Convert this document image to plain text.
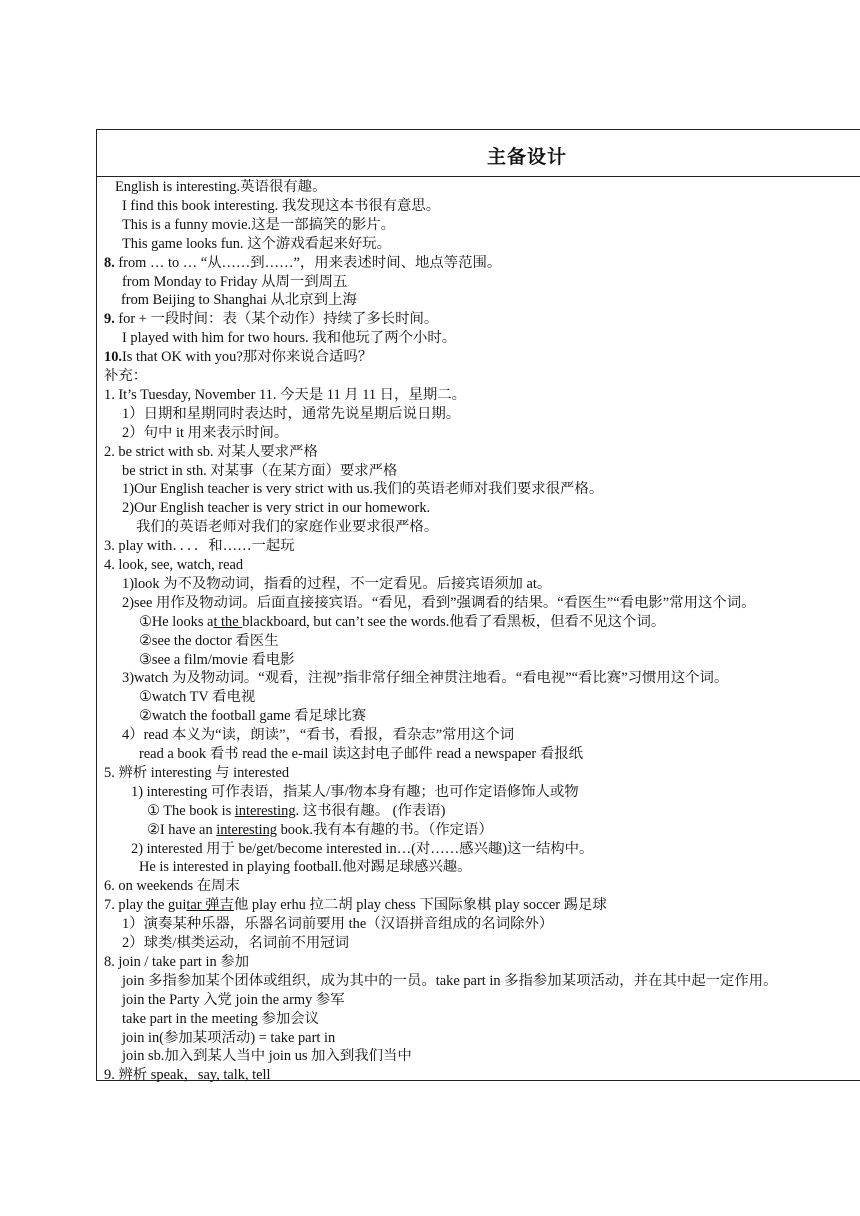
主备设计
English is interesting.英语很有趣。
I find this book interesting. 我发现这本书很有意思。
This is a funny movie.这是一部搞笑的影片。
This game looks fun. 这个游戏看起来好玩。
8. from … to … “从……到……”，用来表述时间、地点等范围。
from Monday to Friday 从周一到周五
from Beijing to Shanghai 从北京到上海
9. for + 一段时间：表（某个动作）持续了多长时间。
I played with him for two hours. 我和他玩了两个小时。
10.Is that OK with you?那对你来说合适吗？
补充：
1. It’s Tuesday, November 11. 今天是 11 月 11 日，星期二。
1）日期和星期同时表达时，通常先说星期后说日期。
2）句中 it 用来表示时间。
2. be strict with sb. 对某人要求严格
be strict in sth. 对某事（在某方面）要求严格
1)Our English teacher is very strict with us.我们的英语老师对我们要求很严格。
2)Our English teacher is very strict in our homework.
我们的英语老师对我们的家庭作业要求很严格。
3. play with．．．．和……一起玩
4. look, see, watch, read
1)look 为不及物动词，指看的过程，不一定看见。后接宾语须加 at。
2)see 用作及物动词。后面直接接宾语。“看见，看到”强调看的结果。“看医生”“看电影”常用这个词。
①He looks at the blackboard, but can’t see the words.他看了看黑板，但看不见这个词。
②see the doctor 看医生
③see a film/movie 看电影
3)watch 为及物动词。“观看，注视”指非常仔细全神贯注地看。“看电视”“看比赛”习惯用这个词。
①watch TV 看电视
②watch the football game 看足球比赛
4）read 本义为“读，朗读”，“看书，看报，看杂志”常用这个词
read a book 看书 read the e-mail 读这封电子邮件 read a newspaper 看报纸
5. 辨析 interesting 与 interested
1) interesting 可作表语，指某人/事/物本身有趣；也可作定语修饰人或物
① The book is interesting. 这书很有趣。 (作表语)
②I have an interesting book.我有本有趣的书。（作定语）
2) interested 用于 be/get/become interested in…(对……感兴趣)这一结构中。
He is interested in playing football.他对踢足球感兴趣。
6. on weekends 在周末
7. play the guitar 弹吉他 play erhu 拉二胡 play chess 下国际象棋 play soccer 踢足球
1）演奏某种乐器，乐器名词前要用 the（汉语拼音组成的名词除外）
2）球类/棋类运动，名词前不用冠词
8. join / take part in 参加
join 多指参加某个团体或组织，成为其中的一员。take part in 多指参加某项活动，并在其中起一定作用。
join the Party 入党 join the army 参军
take part in the meeting 参加会议
join in(参加某项活动) = take part in
join sb.加入到某人当中 join us 加入到我们当中
9. 辨析 speak，say, talk, tell
